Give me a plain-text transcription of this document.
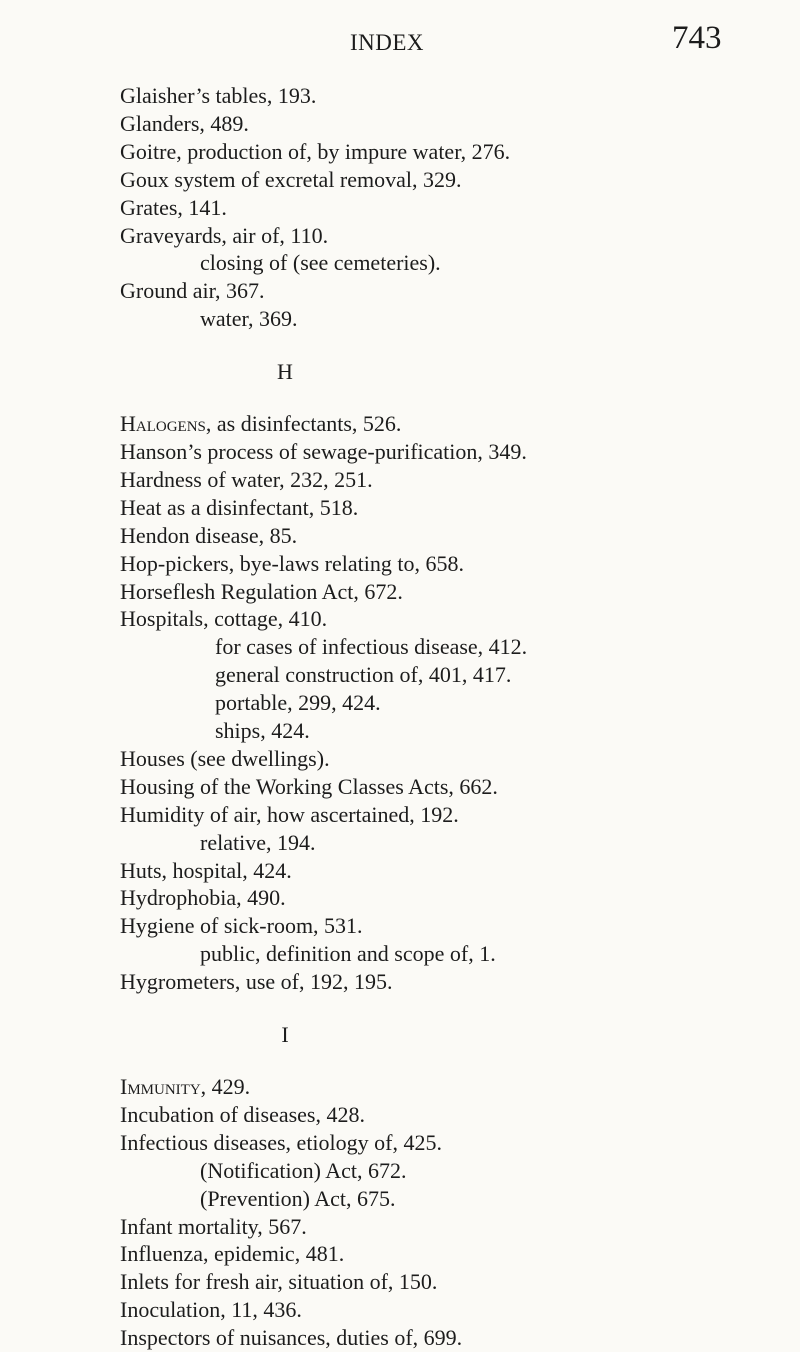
INDEX	743
Glaisher’s tables, 193.
Glanders, 489.
Goitre, production of, by impure water, 276.
Goux system of excretal removal, 329.
Grates, 141.
Graveyards, air of, 110.
closing of (see cemeteries).
Ground air, 367.
water, 369.
H
Halogens, as disinfectants, 526.
Hanson’s process of sewage-purification, 349.
Hardness of water, 232, 251.
Heat as a disinfectant, 518.
Hendon disease, 85.
Hop-pickers, bye-laws relating to, 658.
Horseflesh Regulation Act, 672.
Hospitals, cottage, 410.
for cases of infectious disease, 412.
general construction of, 401, 417.
portable, 299, 424.
ships, 424.
Houses (see dwellings).
Housing of the Working Classes Acts, 662.
Humidity of air, how ascertained, 192.
relative, 194.
Huts, hospital, 424.
Hydrophobia, 490.
Hygiene of sick-room, 531.
public, definition and scope of, 1.
Hygrometers, use of, 192, 195.
I
Immunity, 429.
Incubation of diseases, 428.
Infectious diseases, etiology of, 425.
(Notification) Act, 672.
(Prevention) Act, 675.
Infant mortality, 567.
Influenza, epidemic, 481.
Inlets for fresh air, situation of, 150.
Inoculation, 11, 436.
Inspectors of nuisances, duties of, 699.
